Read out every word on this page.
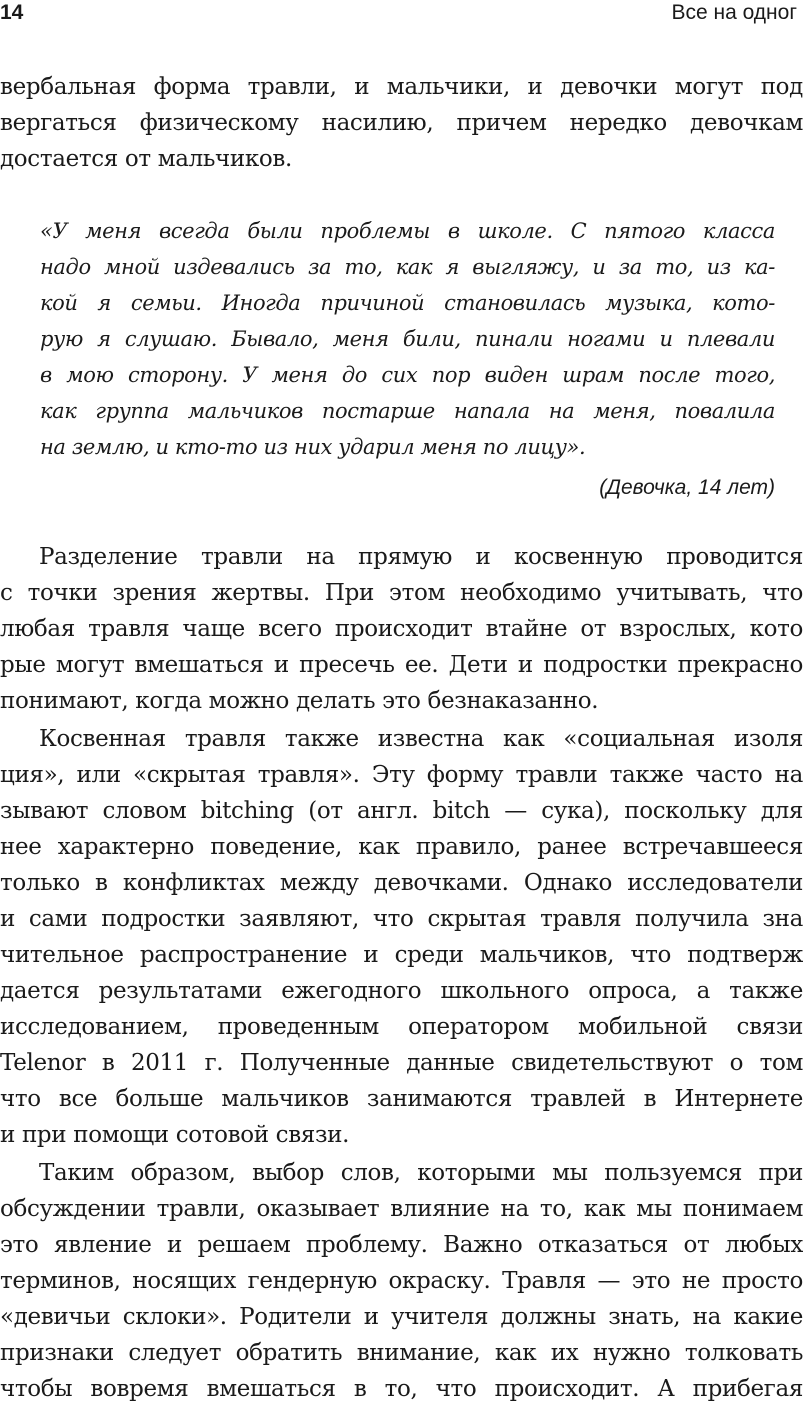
14	Все на одног
вербальная форма травли, и мальчики, и девочки могут под
вергаться физическому насилию, причем нередко девочкам
достается от мальчиков.
«У меня всегда были проблемы в школе. С пятого класса
надо мной издевались за то, как я выгляжу, и за то, из ка-
кой я семьи. Иногда причиной становилась музыка, кото-
рую я слушаю. Бывало, меня били, пинали ногами и плевали
в мою сторону. У меня до сих пор виден шрам после того,
как группа мальчиков постарше напала на меня, повалила
на землю, и кто-то из них ударил меня по лицу».
(Девочка, 14 лет)
Разделение травли на прямую и косвенную проводится
с точки зрения жертвы. При этом необходимо учитывать, что
любая травля чаще всего происходит втайне от взрослых, кото
рые могут вмешаться и пресечь ее. Дети и подростки прекрасно
понимают, когда можно делать это безнаказанно.
Косвенная травля также известна как «социальная изоля
ция», или «скрытая травля». Эту форму травли также часто на
зывают словом bitching (от англ. bitch — сука), поскольку для
нее характерно поведение, как правило, ранее встречавшееся
только в конфликтах между девочками. Однако исследователи
и сами подростки заявляют, что скрытая травля получила зна
чительное распространение и среди мальчиков, что подтверж
дается результатами ежегодного школьного опроса, а также
исследованием, проведенным оператором мобильной связи
Telenor в 2011 г. Полученные данные свидетельствуют о том
что все больше мальчиков занимаются травлей в Интернете
и при помощи сотовой связи.
Таким образом, выбор слов, которыми мы пользуемся при
обсуждении травли, оказывает влияние на то, как мы понимаем
это явление и решаем проблему. Важно отказаться от любых
терминов, носящих гендерную окраску. Травля — это не просто
«девичьи склоки». Родители и учителя должны знать, на какие
признаки следует обратить внимание, как их нужно толковать
чтобы вовремя вмешаться в то, что происходит. А прибегая
